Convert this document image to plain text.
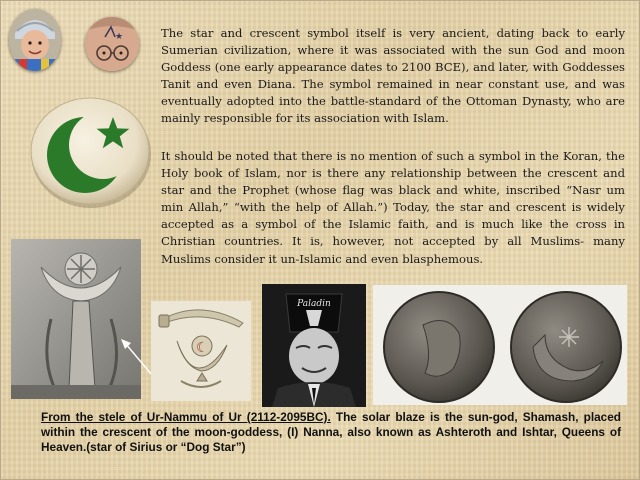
★	The star and crescent symbol itself is very ancient, dating back to early Sumerian civilization, where it was associated with the sun God and moon Goddess (one early appearance dates to 2100 BCE), and later, with Goddesses Tanit and even Diana. The symbol remained in near constant use, and was eventually adopted into the battle-standard of the Ottoman Dynasty, who are mainly responsible for its association with Islam.

It should be noted that there is no mention of such a symbol in the Koran, the Holy book of Islam, nor is there any relationship between the crescent and star and the Prophet (whose flag was black and white, inscribed “Nasr um min Allah,” “with the help of Allah.”) Today, the star and crescent is widely accepted as a symbol of the Islamic faith, and is much like the cross in Christian countries. It is, however, not accepted by all Muslims- many Muslims consider it un-Islamic and even blasphemous.

☾
Paladin

From the stele of Ur-Nammu of Ur (2112-2095BC). The solar blaze is the sun-god, Shamash, placed within the crescent of the moon-goddess, (I) Nanna, also known as Ashteroth and Ishtar, Queens of Heaven.(star of Sirius or “Dog Star”)
